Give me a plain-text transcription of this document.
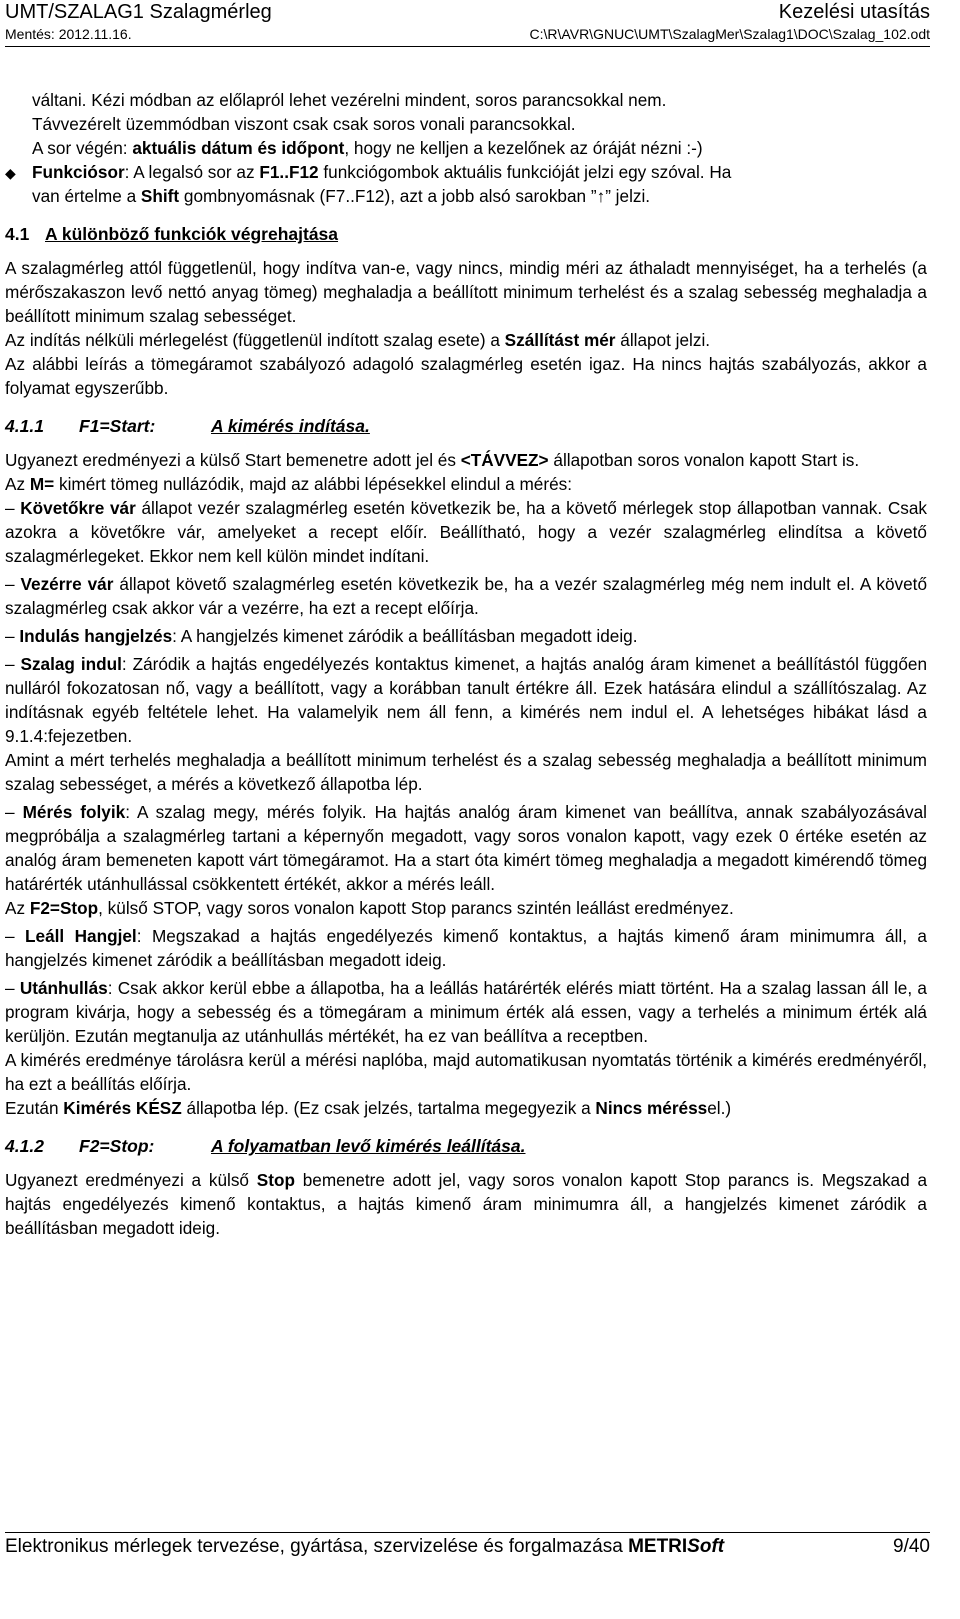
UMT/SZALAG1 Szalagmérleg	Kezelési utasítás
Mentés: 2012.11.16.	C:\R\AVR\GNUC\UMT\SzalagMer\Szalag1\DOC\Szalag_102.odt

váltani. Kézi módban az előlapról lehet vezérelni mindent, soros parancsokkal nem.

Távvezérelt üzemmódban viszont csak csak soros vonali parancsokkal.

A sor végén: aktuális dátum és időpont, hogy ne kelljen a kezelőnek az óráját nézni :-)

◆ Funkciósor: A legalsó sor az F1..F12 funkciógombok aktuális funkcióját jelzi egy szóval. Ha

van értelme a Shift gombnyomásnak (F7..F12), azt a jobb alsó sarokban ”↑” jelzi.

4.1 A különböző funkciók végrehajtása

A szalagmérleg attól függetlenül, hogy indítva van-e, vagy nincs, mindig méri az áthaladt mennyiséget, ha a terhelés (a mérőszakaszon levő nettó anyag tömeg) meghaladja a beállított minimum terhelést és a szalag sebesség meghaladja a beállított minimum szalag sebességet.

Az indítás nélküli mérlegelést (függetlenül indított szalag esete) a Szállítást mér állapot jelzi.

Az alábbi leírás a tömegáramot szabályozó adagoló szalagmérleg esetén igaz. Ha nincs hajtás szabályozás, akkor a folyamat egyszerűbb.

4.1.1 F1=Start:	A kimérés indítása.

Ugyanezt eredményezi a külső Start bemenetre adott jel és <TÁVVEZ> állapotban soros vonalon kapott Start is.

Az M= kimért tömeg nullázódik, majd az alábbi lépésekkel elindul a mérés:

– Követőkre vár állapot vezér szalagmérleg esetén következik be, ha a követő mérlegek stop állapotban vannak. Csak azokra a követőkre vár, amelyeket a recept előír. Beállítható, hogy a vezér szalagmérleg elindítsa a követő szalagmérlegeket. Ekkor nem kell külön mindet indítani.

– Vezérre vár állapot követő szalagmérleg esetén következik be, ha a vezér szalagmérleg még nem indult el. A követő szalagmérleg csak akkor vár a vezérre, ha ezt a recept előírja.

– Indulás hangjelzés: A hangjelzés kimenet záródik a beállításban megadott ideig.

– Szalag indul: Záródik a hajtás engedélyezés kontaktus kimenet, a hajtás analóg áram kimenet a beállítástól függően nulláról fokozatosan nő, vagy a beállított, vagy a korábban tanult értékre áll. Ezek hatására elindul a szállítószalag. Az indításnak egyéb feltétele lehet. Ha valamelyik nem áll fenn, a kimérés nem indul el. A lehetséges hibákat lásd a 9.1.4:fejezetben.

Amint a mért terhelés meghaladja a beállított minimum terhelést és a szalag sebesség meghaladja a beállított minimum szalag sebességet, a mérés a következő állapotba lép.

– Mérés folyik: A szalag megy, mérés folyik. Ha hajtás analóg áram kimenet van beállítva, annak szabályozásával megpróbálja a szalagmérleg tartani a képernyőn megadott, vagy soros vonalon kapott, vagy ezek 0 értéke esetén az analóg áram bemeneten kapott várt tömegáramot. Ha a start óta kimért tömeg meghaladja a megadott kimérendő tömeg határérték utánhullással csökkentett értékét, akkor a mérés leáll.

Az F2=Stop, külső STOP, vagy soros vonalon kapott Stop parancs szintén leállást eredményez.

– Leáll Hangjel: Megszakad a hajtás engedélyezés kimenő kontaktus, a hajtás kimenő áram minimumra áll, a hangjelzés kimenet záródik a beállításban megadott ideig.

– Utánhullás: Csak akkor kerül ebbe a állapotba, ha a leállás határérték elérés miatt történt. Ha a szalag lassan áll le, a program kivárja, hogy a sebesség és a tömegáram a minimum érték alá essen, vagy a terhelés a minimum érték alá kerüljön. Ezután megtanulja az utánhullás mértékét, ha ez van beállítva a receptben.

A kimérés eredménye tárolásra kerül a mérési naplóba, majd automatikusan nyomtatás történik a kimérés eredményéről, ha ezt a beállítás előírja.

Ezután Kimérés KÉSZ állapotba lép. (Ez csak jelzés, tartalma megegyezik a Nincs méréssel.)

4.1.2 F2=Stop:	A folyamatban levő kimérés leállítása.

Ugyanezt eredményezi a külső Stop bemenetre adott jel, vagy soros vonalon kapott Stop parancs is. Megszakad a hajtás engedélyezés kimenő kontaktus, a hajtás kimenő áram minimumra áll, a hangjelzés kimenet záródik a beállításban megadott ideig.

Elektronikus mérlegek tervezése, gyártása, szervizelése és forgalmazása METRISoft	9/40
